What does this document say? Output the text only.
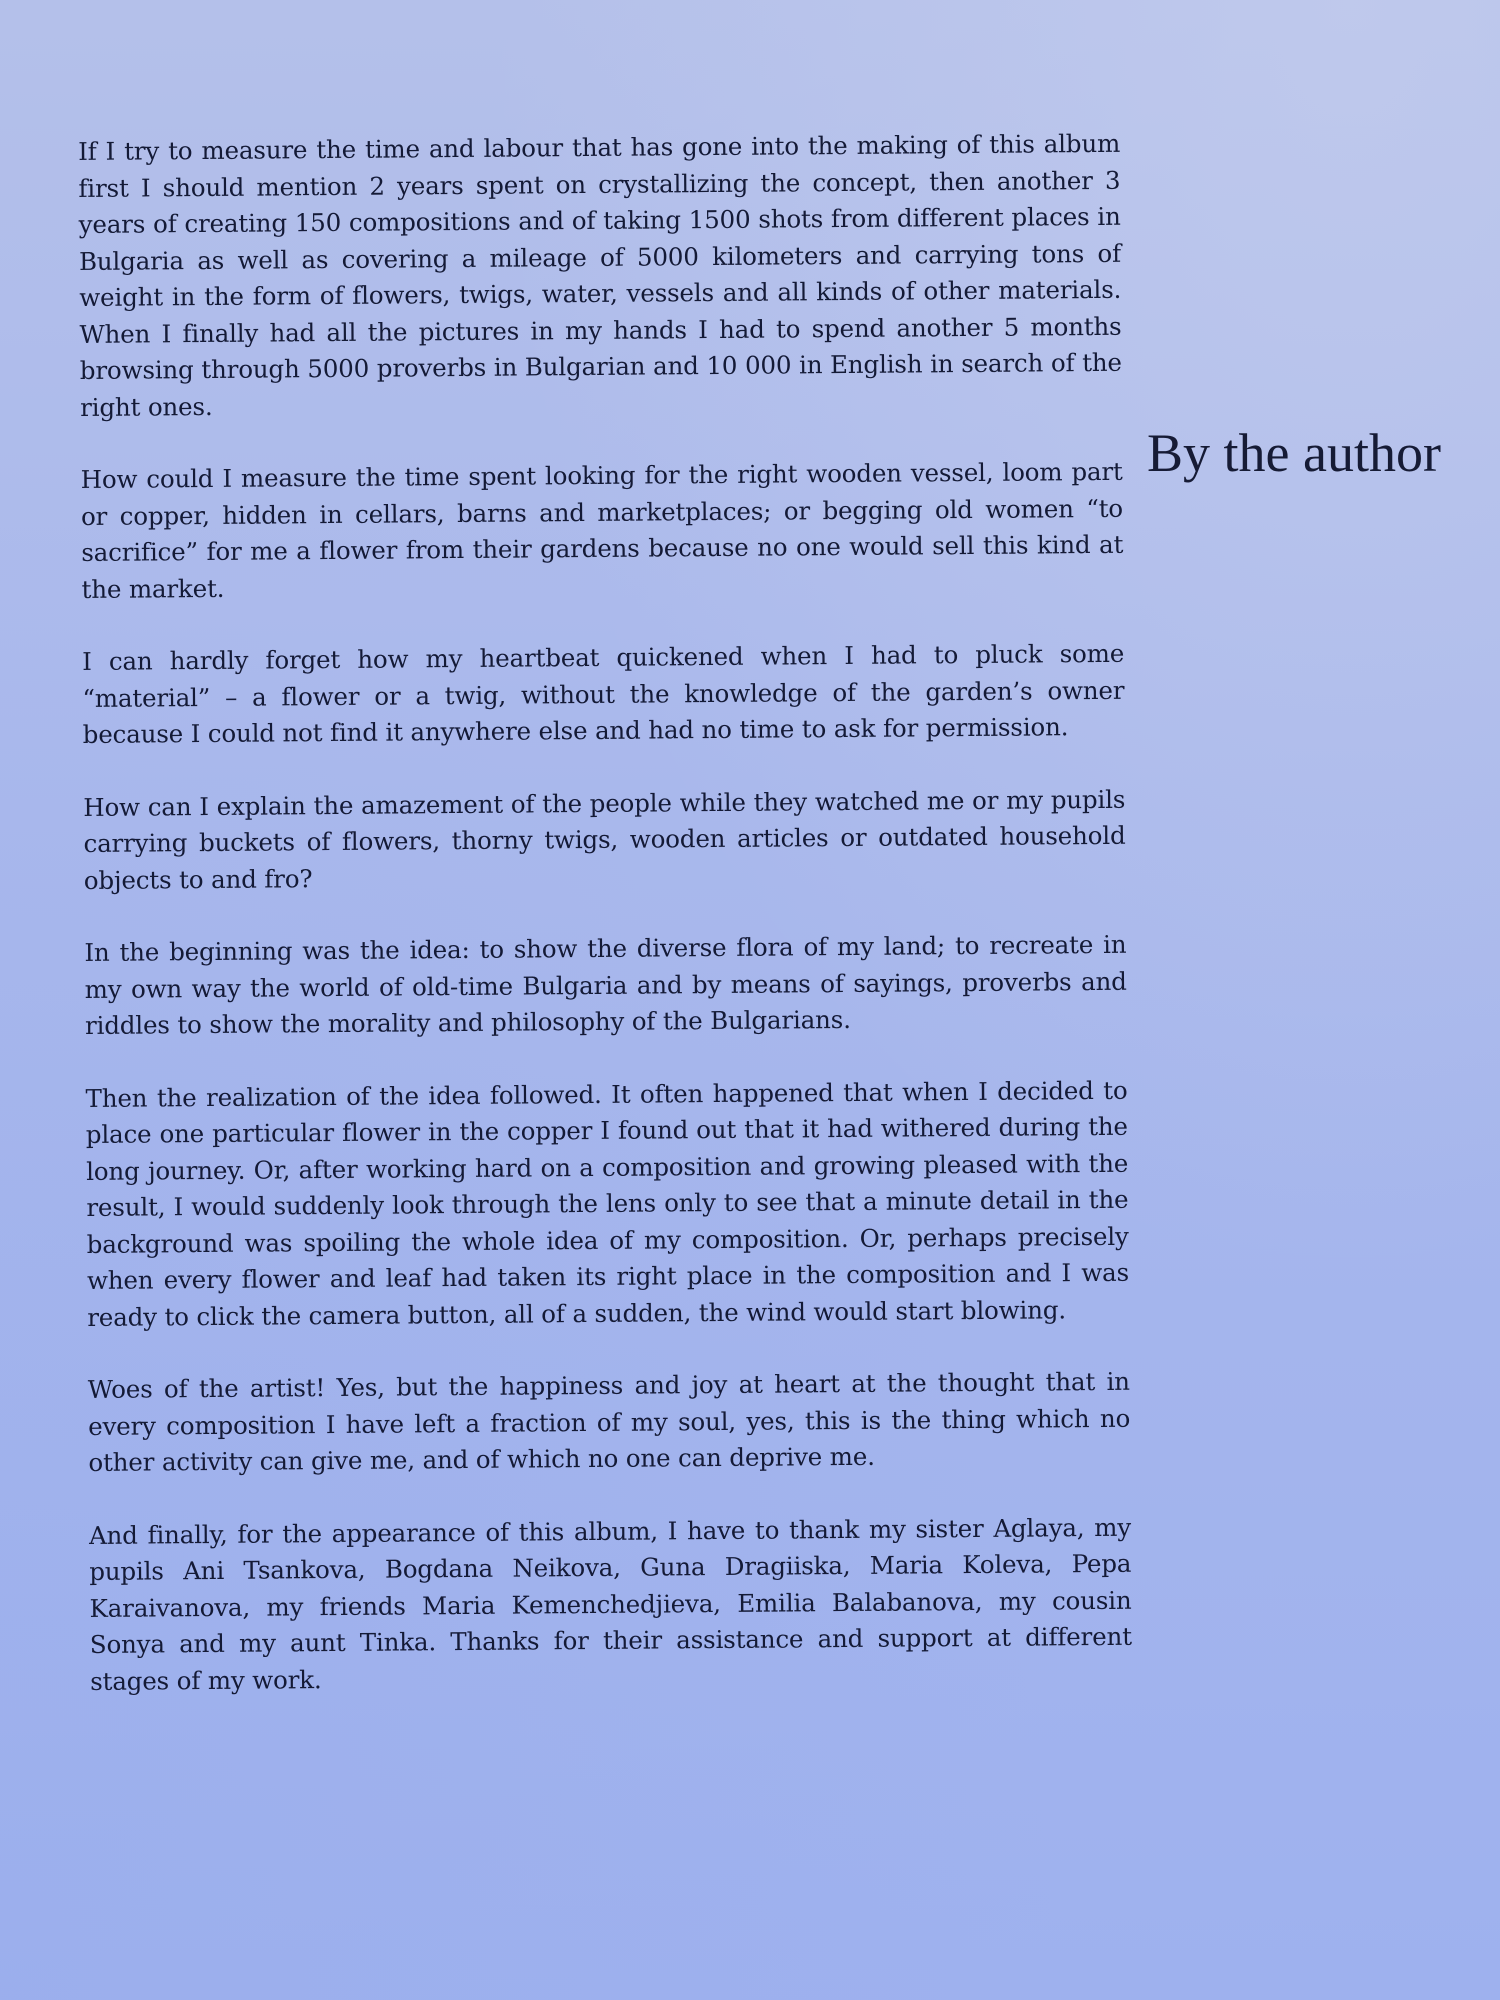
If I try to measure the time and labour that has gone into the making of this album first I should mention 2 years spent on crystallizing the concept, then another 3 years of creating 150 compositions and of taking 1500 shots from different places in Bulgaria as well as covering a mileage of 5000 kilometers and carrying tons of weight in the form of flowers, twigs, water, vessels and all kinds of other materials. When I finally had all the pictures in my hands I had to spend another 5 months browsing through 5000 proverbs in Bulgarian and 10 000 in English in search of the right ones.

How could I measure the time spent looking for the right wooden vessel, loom part or copper, hidden in cellars, barns and marketplaces; or begging old women “to sacrifice” for me a flower from their gardens because no one would sell this kind at the market.

I can hardly forget how my heartbeat quickened when I had to pluck some “material” – a flower or a twig, without the knowledge of the garden’s owner because I could not find it anywhere else and had no time to ask for permission.

How can I explain the amazement of the people while they watched me or my pupils carrying buckets of flowers, thorny twigs, wooden articles or outdated household objects to and fro?

In the beginning was the idea: to show the diverse flora of my land; to recreate in my own way the world of old-time Bulgaria and by means of sayings, proverbs and riddles to show the morality and philosophy of the Bulgarians.

Then the realization of the idea followed. It often happened that when I decided to place one particular flower in the copper I found out that it had withered during the long journey. Or, after working hard on a composition and growing pleased with the result, I would suddenly look through the lens only to see that a minute detail in the background was spoiling the whole idea of my composition. Or, perhaps precisely when every flower and leaf had taken its right place in the composition and I was ready to click the camera button, all of a sudden, the wind would start blowing.

Woes of the artist! Yes, but the happiness and joy at heart at the thought that in every composition I have left a fraction of my soul, yes, this is the thing which no other activity can give me, and of which no one can deprive me.

And finally, for the appearance of this album, I have to thank my sister Aglaya, my pupils Ani Tsankova, Bogdana Neikova, Guna Dragiiska, Maria Koleva, Pepa Karaivanova, my friends Maria Kemenchedjieva, Emilia Balabanova, my cousin Sonya and my aunt Tinka. Thanks for their assistance and support at different stages of my work.

By the author
